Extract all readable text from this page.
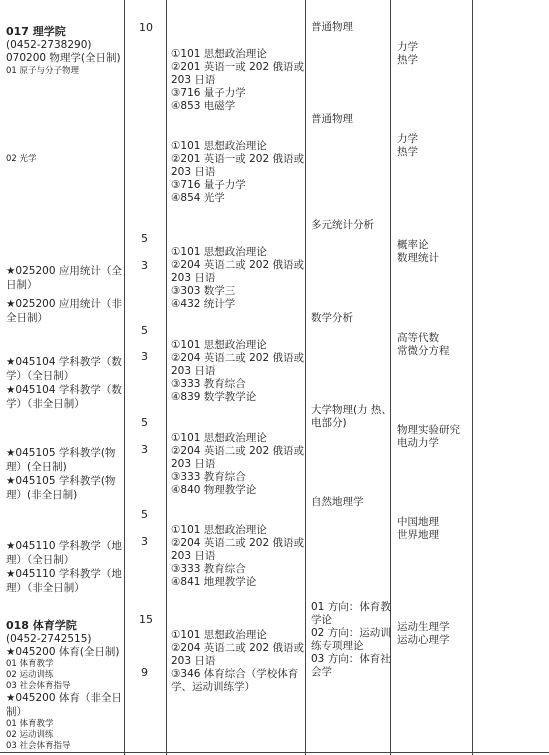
017 理学院
(0452-2738290)
070200 物理学(全日制)
01 原子与分子物理
02 光学
★025200 应用统计（全
日制）
★025200 应用统计（非
全日制）
★045104 学科教学（数
学）（全日制）
★045104 学科教学（数
学）（非全日制）
★045105 学科教学(物
理）(全日制)
★045105 学科教学(物
理）(非全日制)
★045110 学科教学（地
理）（全日制）
★045110 学科教学（地
理）（非全日制）
018 体育学院
(0452-2742515)
★045200 体育(全日制)
01 体育教学
02 运动训练
03 社会体育指导
★045200 体育（非全日
制）
01 体育教学
02 运动训练
03 社会体育指导
10
5
3
5
3
5
3
5
3
15
9
①101 思想政治理论
②201 英语一或 202 俄语或
203 日语
③716 量子力学
④853 电磁学
①101 思想政治理论
②201 英语一或 202 俄语或
203 日语
③716 量子力学
④854 光学
①101 思想政治理论
②204 英语二或 202 俄语或
203 日语
③303 数学三
④432 统计学
①101 思想政治理论
②204 英语二或 202 俄语或
203 日语
③333 教育综合
④839 数学教学论
①101 思想政治理论
②204 英语二或 202 俄语或
203 日语
③333 教育综合
④840 物理教学论
①101 思想政治理论
②204 英语二或 202 俄语或
203 日语
③333 教育综合
④841 地理教学论
①101 思想政治理论
②204 英语二或 202 俄语或
203 日语
③346 体育综合（学校体育
学、运动训练学）
普通物理
普通物理
多元统计分析
数学分析
大学物理(力 热、
电部分)
自然地理学
01 方向：体育教
学论
02 方向：运动训
练专项理论
03 方向：体育社
会学
力学
热学
力学
热学
概率论
数理统计
高等代数
常微分方程
物理实验研究
电动力学
中国地理
世界地理
运动生理学
运动心理学
